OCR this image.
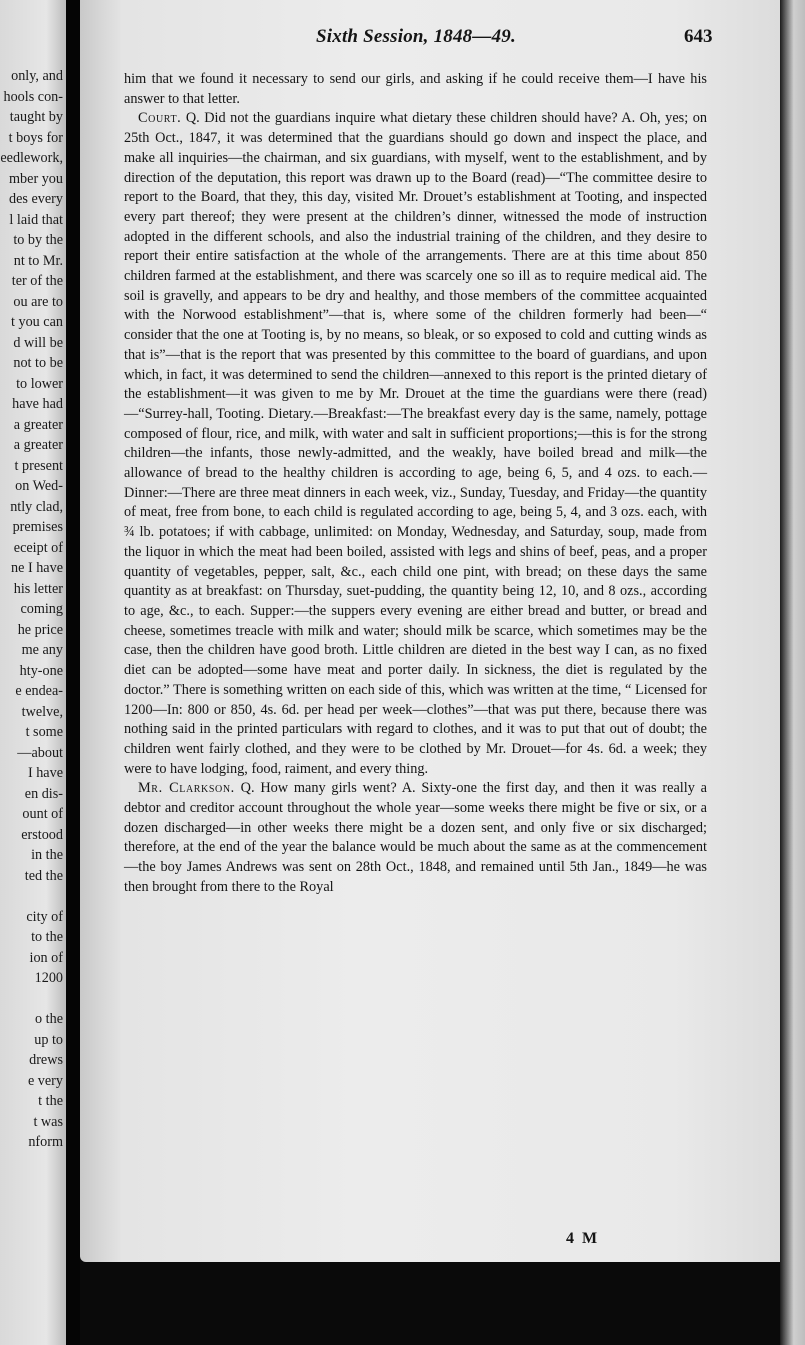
only, and
hools con-
taught by
t boys for
eedlework,
mber you
des every
l laid that
to by the
nt to Mr.
ter of the
ou are to
t you can
d will be
not to be
to lower
have had
a greater
a greater
t present
on Wed-
ntly clad,
premises
eceipt of
ne I have
his letter
coming
he price
me any
hty-one
e endea-
twelve,
t some
—about
I have
en dis-
ount of
erstood
in the
ted the
city of
to the
ion of
1200
o the
up to
drews
e very
t the
t was
nform
Sixth Session, 1848—49.	643

him that we found it necessary to send our girls, and asking if he could receive them—I have his answer to that letter.

Court. Q. Did not the guardians inquire what dietary these children should have? A. Oh, yes; on 25th Oct., 1847, it was determined that the guardians should go down and inspect the place, and make all inquiries—the chairman, and six guardians, with myself, went to the establishment, and by direction of the deputation, this report was drawn up to the Board (read)—“The committee desire to report to the Board, that they, this day, visited Mr. Drouet’s establishment at Tooting, and inspected every part thereof; they were present at the children’s dinner, witnessed the mode of instruction adopted in the different schools, and also the industrial training of the children, and they desire to report their entire satisfaction at the whole of the arrangements. There are at this time about 850 children farmed at the establishment, and there was scarcely one so ill as to require medical aid. The soil is gravelly, and appears to be dry and healthy, and those members of the committee acquainted with the Norwood establishment”—that is, where some of the children formerly had been—“ consider that the one at Tooting is, by no means, so bleak, or so exposed to cold and cutting winds as that is”—that is the report that was presented by this committee to the board of guardians, and upon which, in fact, it was determined to send the children—annexed to this report is the printed dietary of the establishment—it was given to me by Mr. Drouet at the time the guardians were there (read)—“Surrey-hall, Tooting. Dietary.—Breakfast:—The breakfast every day is the same, namely, pottage composed of flour, rice, and milk, with water and salt in sufficient proportions;—this is for the strong children—the infants, those newly-admitted, and the weakly, have boiled bread and milk—the allowance of bread to the healthy children is according to age, being 6, 5, and 4 ozs. to each.—Dinner:—There are three meat dinners in each week, viz., Sunday, Tuesday, and Friday—the quantity of meat, free from bone, to each child is regulated according to age, being 5, 4, and 3 ozs. each, with ¾ lb. potatoes; if with cabbage, unlimited: on Monday, Wednesday, and Saturday, soup, made from the liquor in which the meat had been boiled, assisted with legs and shins of beef, peas, and a proper quantity of vegetables, pepper, salt, &c., each child one pint, with bread; on these days the same quantity as at breakfast: on Thursday, suet-pudding, the quantity being 12, 10, and 8 ozs., according to age, &c., to each. Supper:—the suppers every evening are either bread and butter, or bread and cheese, sometimes treacle with milk and water; should milk be scarce, which sometimes may be the case, then the children have good broth. Little children are dieted in the best way I can, as no fixed diet can be adopted—some have meat and porter daily. In sickness, the diet is regulated by the doctor.” There is something written on each side of this, which was written at the time, “ Licensed for 1200—In: 800 or 850, 4s. 6d. per head per week—clothes”—that was put there, because there was nothing said in the printed particulars with regard to clothes, and it was to put that out of doubt; the children went fairly clothed, and they were to be clothed by Mr. Drouet—for 4s. 6d. a week; they were to have lodging, food, raiment, and every thing.

Mr. Clarkson. Q. How many girls went? A. Sixty-one the first day, and then it was really a debtor and creditor account throughout the whole year—some weeks there might be five or six, or a dozen discharged—in other weeks there might be a dozen sent, and only five or six discharged; therefore, at the end of the year the balance would be much about the same as at the commencement—the boy James Andrews was sent on 28th Oct., 1848, and remained until 5th Jan., 1849—he was then brought from there to the Royal

4 M
